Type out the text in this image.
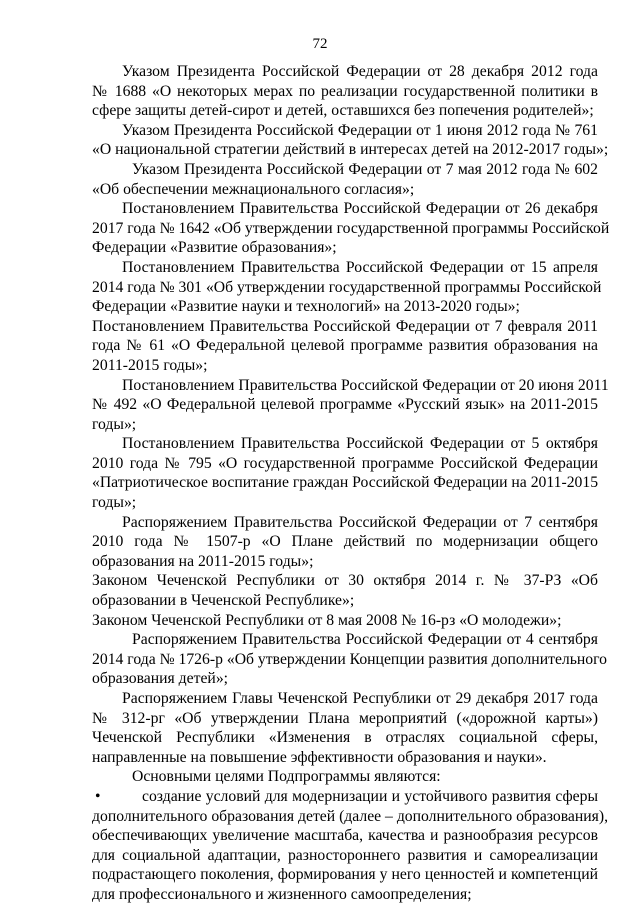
72
Указом Президента Российской Федерации от 28 декабря 2012 года
№ 1688 «О некоторых мерах по реализации государственной политики в
сфере защиты детей-сирот и детей, оставшихся без попечения родителей»;
Указом Президента Российской Федерации от 1 июня 2012 года № 761
«О национальной стратегии действий в интересах детей на 2012-2017 годы»;
Указом Президента Российской Федерации от 7 мая 2012 года № 602
«Об обеспечении межнационального согласия»;
Постановлением Правительства Российской Федерации от 26 декабря
2017 года № 1642 «Об утверждении государственной программы Российской
Федерации «Развитие образования»;
Постановлением Правительства Российской Федерации от 15 апреля
2014 года № 301 «Об утверждении государственной программы Российской
Федерации «Развитие науки и технологий» на 2013-2020 годы»;
Постановлением Правительства Российской Федерации от 7 февраля 2011
года № 61 «О Федеральной целевой программе развития образования на
2011-2015 годы»;
Постановлением Правительства Российской Федерации от 20 июня 2011
№ 492 «О Федеральной целевой программе «Русский язык» на 2011-2015
годы»;
Постановлением Правительства Российской Федерации от 5 октября
2010 года № 795 «О государственной программе Российской Федерации
«Патриотическое воспитание граждан Российской Федерации на 2011-2015
годы»;
Распоряжением Правительства Российской Федерации от 7 сентября
2010 года № 1507-р «О Плане действий по модернизации общего
образования на 2011-2015 годы»;
Законом Чеченской Республики от 30 октября 2014 г. № 37-РЗ «Об
образовании в Чеченской Республике»;
Законом Чеченской Республики от 8 мая 2008 № 16-рз «О молодежи»;
Распоряжением Правительства Российской Федерации от 4 сентября
2014 года № 1726-р «Об утверждении Концепции развития дополнительного
образования детей»;
Распоряжением Главы Чеченской Республики от 29 декабря 2017 года
№ 312-рг «Об утверждении Плана мероприятий («дорожной карты»)
Чеченской Республики «Изменения в отраслях социальной сферы,
направленные на повышение эффективности образования и науки».
Основными целями Подпрограммы являются:
•	создание условий для модернизации и устойчивого развития сферы
дополнительного образования детей (далее – дополнительного образования),
обеспечивающих увеличение масштаба, качества и разнообразия ресурсов
для социальной адаптации, разностороннего развития и самореализации
подрастающего поколения, формирования у него ценностей и компетенций
для профессионального и жизненного самоопределения;
